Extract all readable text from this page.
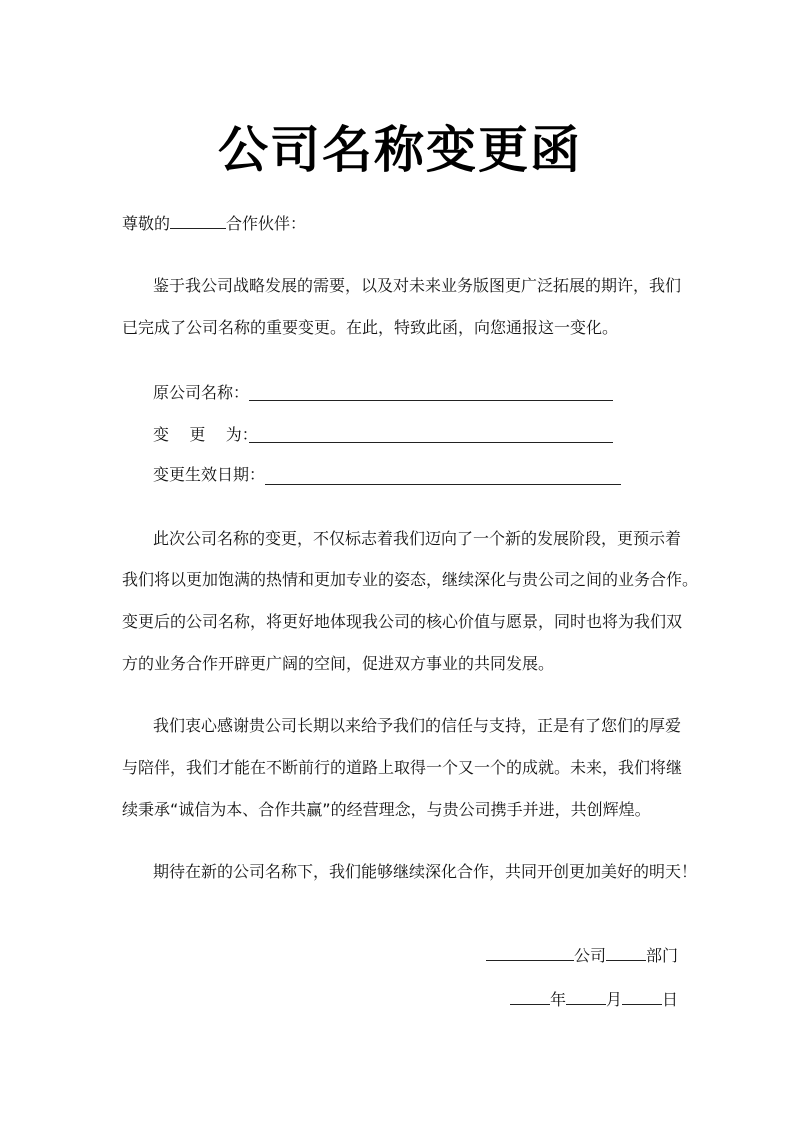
公司名称变更函
尊敬的	合作伙伴：
鉴于我公司战略发展的需要，以及对未来业务版图更广泛拓展的期许，我们
已完成了公司名称的重要变更。在此，特致此函，向您通报这一变化。
原公司名称：
变    更    为：
变更生效日期：
此次公司名称的变更，不仅标志着我们迈向了一个新的发展阶段，更预示着
我们将以更加饱满的热情和更加专业的姿态，继续深化与贵公司之间的业务合作。
变更后的公司名称，将更好地体现我公司的核心价值与愿景，同时也将为我们双
方的业务合作开辟更广阔的空间，促进双方事业的共同发展。
我们衷心感谢贵公司长期以来给予我们的信任与支持，正是有了您们的厚爱
与陪伴，我们才能在不断前行的道路上取得一个又一个的成就。未来，我们将继
续秉承“诚信为本、合作共赢”的经营理念，与贵公司携手并进，共创辉煌。
期待在新的公司名称下，我们能够继续深化合作，共同开创更加美好的明天！
公司	部门
年	月	日
